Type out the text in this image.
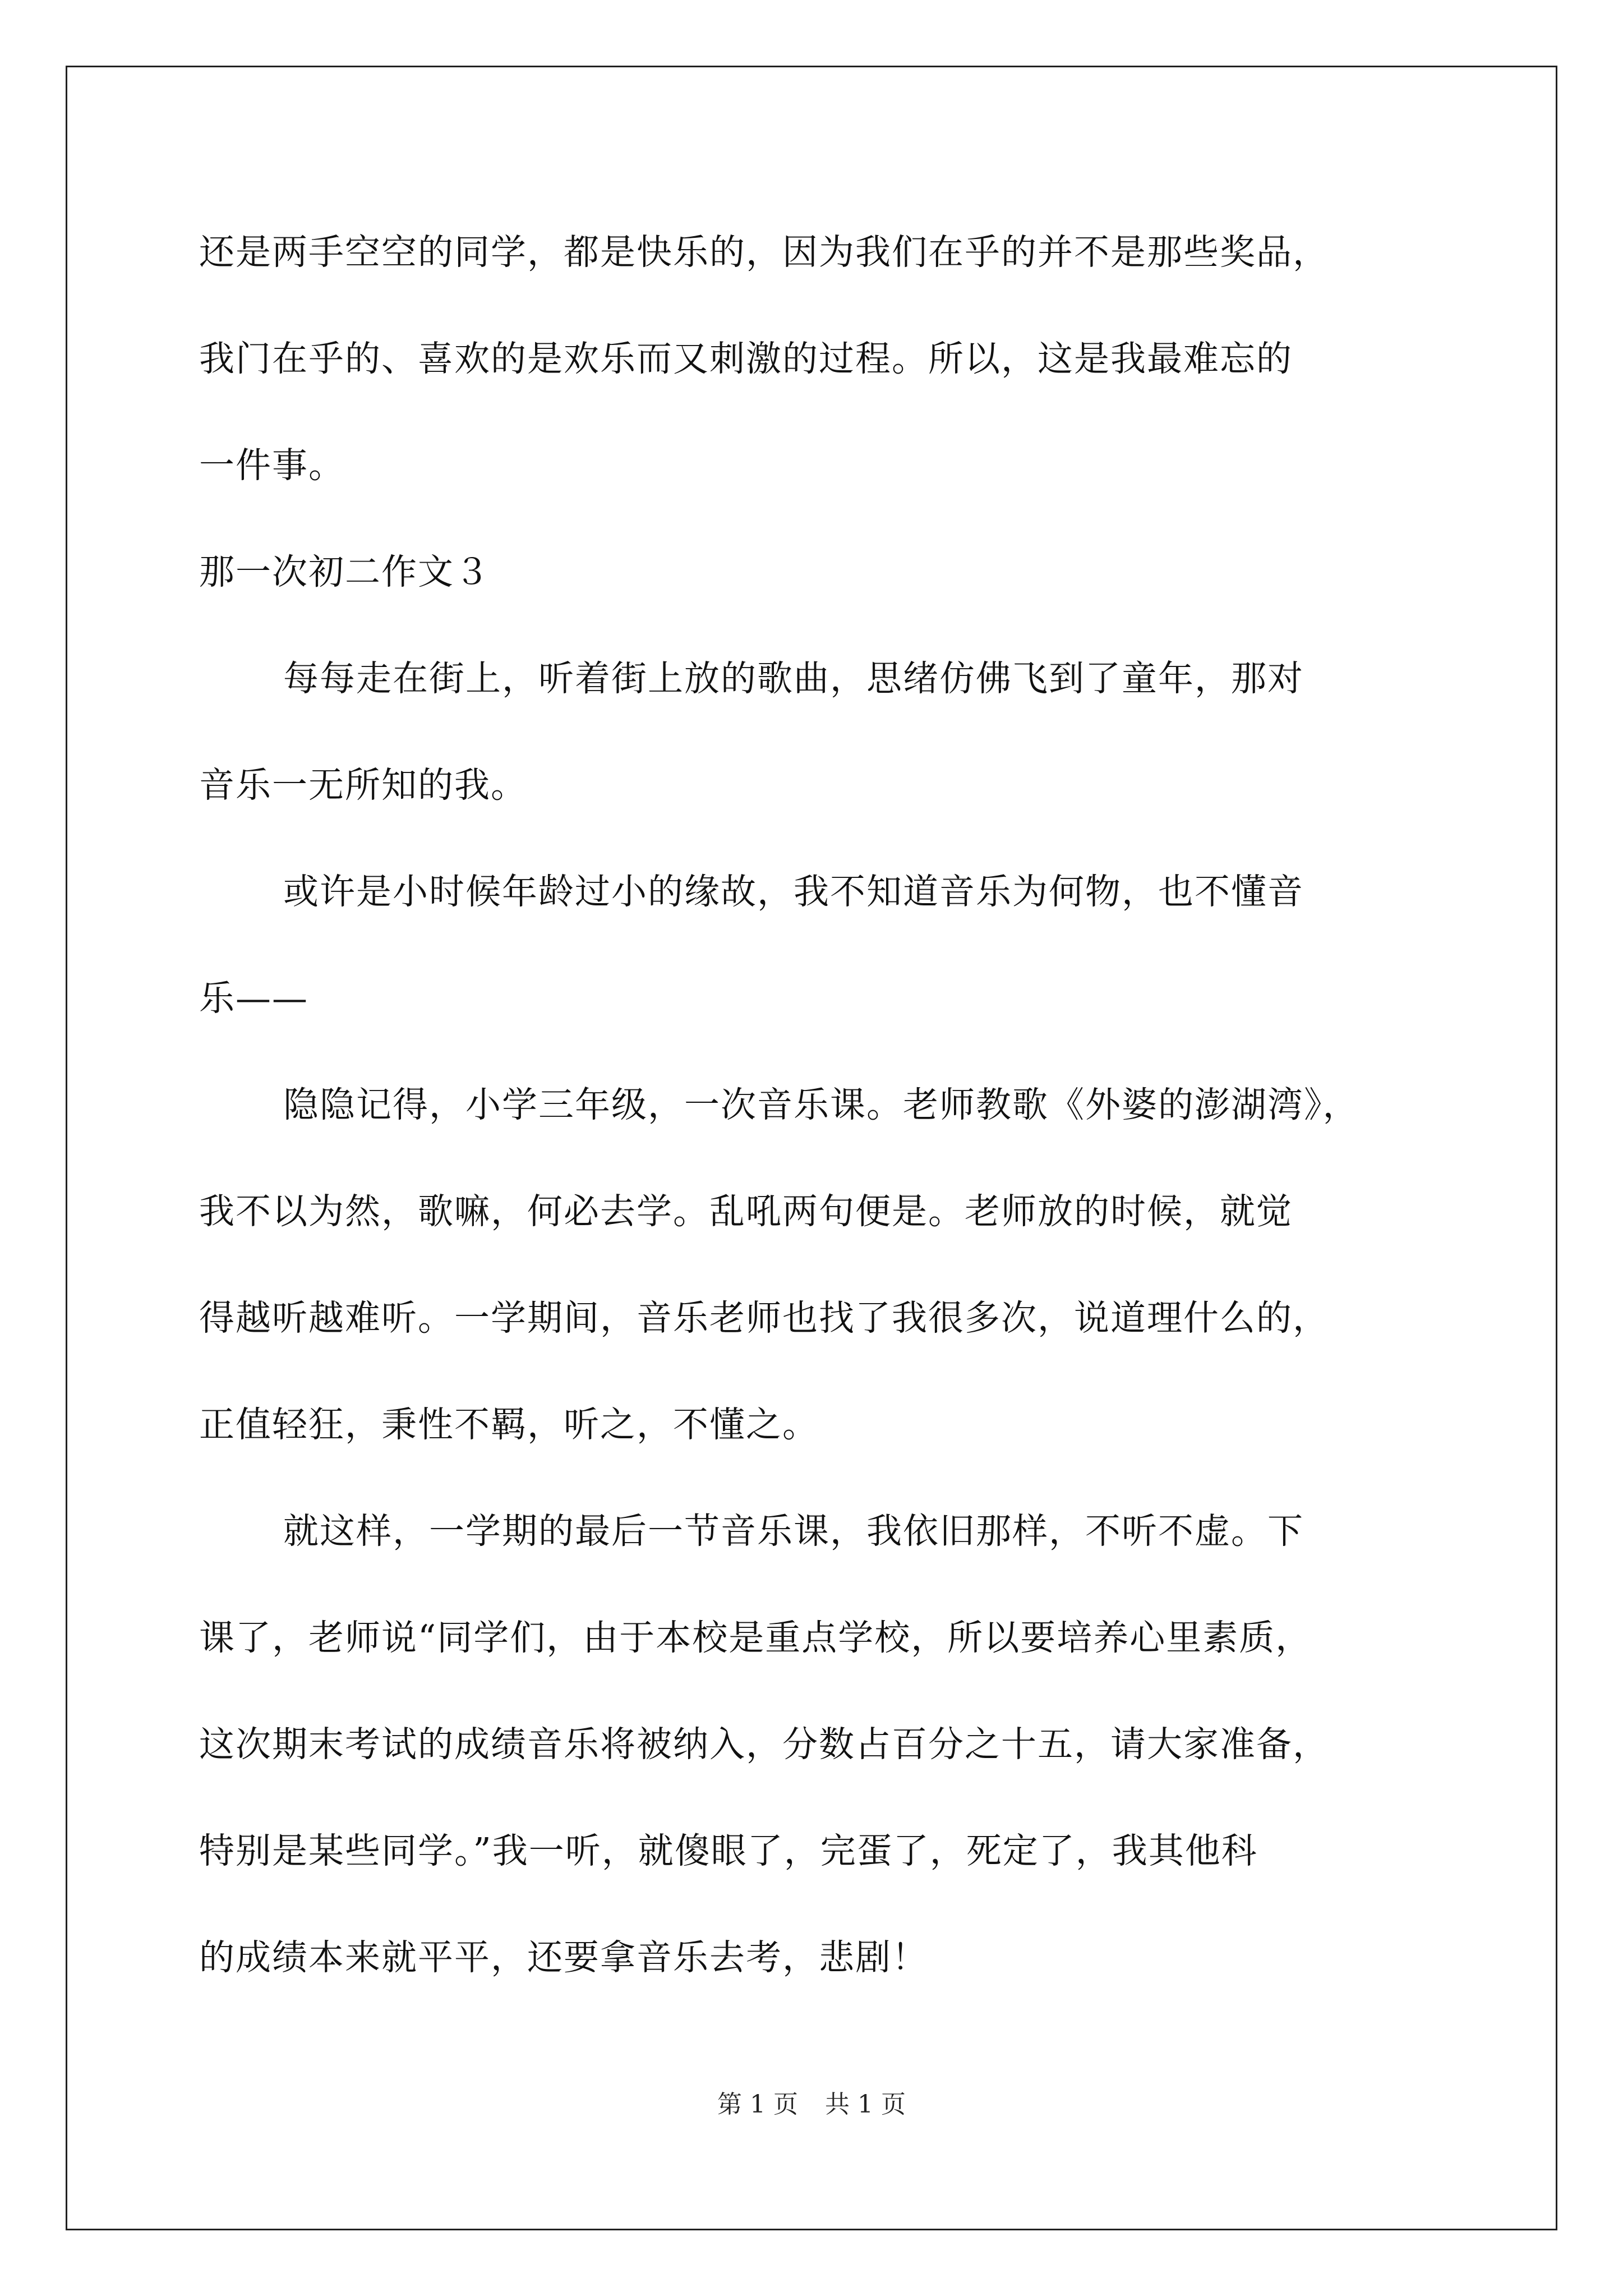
还是两手空空的同学，都是快乐的，因为我们在乎的并不是那些奖品，
我门在乎的、喜欢的是欢乐而又刺激的过程。所以，这是我最难忘的
一件事。
那一次初二作文３
每每走在街上，听着街上放的歌曲，思绪仿佛飞到了童年，那对
音乐一无所知的我。
或许是小时候年龄过小的缘故，我不知道音乐为何物，也不懂音
乐——
隐隐记得，小学三年级，一次音乐课。老师教歌《外婆的澎湖湾》，
我不以为然，歌嘛，何必去学。乱吼两句便是。老师放的时候，就觉
得越听越难听。一学期间，音乐老师也找了我很多次，说道理什么的，
正值轻狂，秉性不羁，听之，不懂之。
就这样，一学期的最后一节音乐课，我依旧那样，不听不虚。下
课了，老师说“同学们，由于本校是重点学校，所以要培养心里素质，
这次期末考试的成绩音乐将被纳入，分数占百分之十五，请大家准备，
特别是某些同学。”我一听，就傻眼了，完蛋了，死定了，我其他科
的成绩本来就平平，还要拿音乐去考，悲剧！
第 1 页 共 1 页
